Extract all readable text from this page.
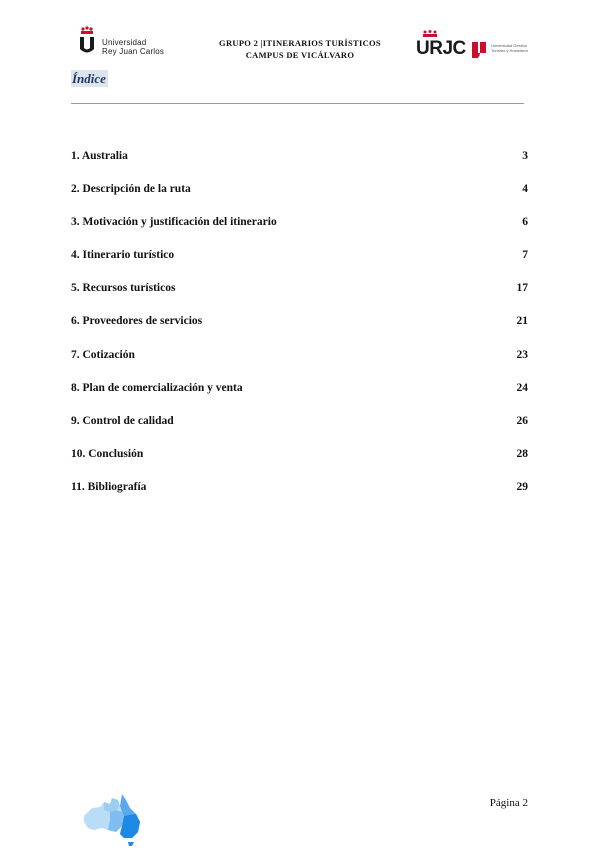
Universidad
Rey Juan Carlos
GRUPO 2 |ITINERARIOS TURÍSTICOS
CAMPUS DE VICÁLVARO	URJC	Universidad Gestión
Turismo y Hostelería
Índice
1. Australia	3
2. Descripción de la ruta	4
3. Motivación y justificación del itinerario	6
4. Itinerario turístico	7
5. Recursos turísticos	17
6. Proveedores de servicios	21
7. Cotización	23
8. Plan de comercialización y venta	24
9. Control de calidad	26
10. Conclusión	28
11. Bibliografía	29
Página 2
